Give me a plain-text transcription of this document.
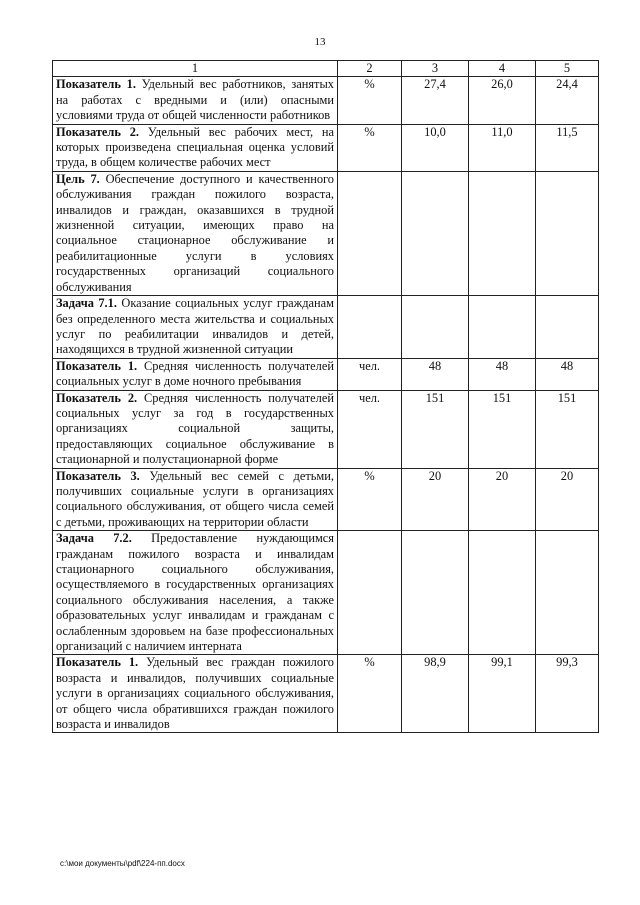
13
1	2	3	4	5
Показатель 1. Удельный вес работников, занятых на работах с вредными и (или) опасными условиями труда от общей численности работников	%	27,4	26,0	24,4
Показатель 2. Удельный вес рабочих мест, на которых произведена специальная оценка условий труда, в общем количестве рабочих мест	%	10,0	11,0	11,5
Цель 7. Обеспечение доступного и качественного обслуживания граждан пожилого возраста, инвалидов и граждан, оказавшихся в трудной жизненной ситуации, имеющих право на социальное стационарное обслуживание и реабилитационные услуги в условиях государственных организаций социального обслуживания				
Задача 7.1. Оказание социальных услуг гражданам без определенного места жительства и социальных услуг по реабилитации инвалидов и детей, находящихся в трудной жизненной ситуации				
Показатель 1. Средняя численность получателей социальных услуг в доме ночного пребывания	чел.	48	48	48
Показатель 2. Средняя численность получателей социальных услуг за год в государственных организациях социальной защиты, предоставляющих социальное обслуживание в стационарной и полустационарной форме	чел.	151	151	151
Показатель 3. Удельный вес семей с детьми, получивших социальные услуги в организациях социального обслуживания, от общего числа семей с детьми, проживающих на территории области	%	20	20	20
Задача 7.2. Предоставление нуждающимся гражданам пожилого возраста и инвалидам стационарного социального обслуживания, осуществляемого в государственных организациях социального обслуживания населения, а также образовательных услуг инвалидам и гражданам с ослабленным здоровьем на базе профессиональных организаций с наличием интерната				
Показатель 1. Удельный вес граждан пожилого возраста и инвалидов, получивших социальные услуги в организациях социального обслуживания, от общего числа обратившихся граждан пожилого возраста и инвалидов	%	98,9	99,1	99,3
c:\мои документы\pdf\224-пп.docx
